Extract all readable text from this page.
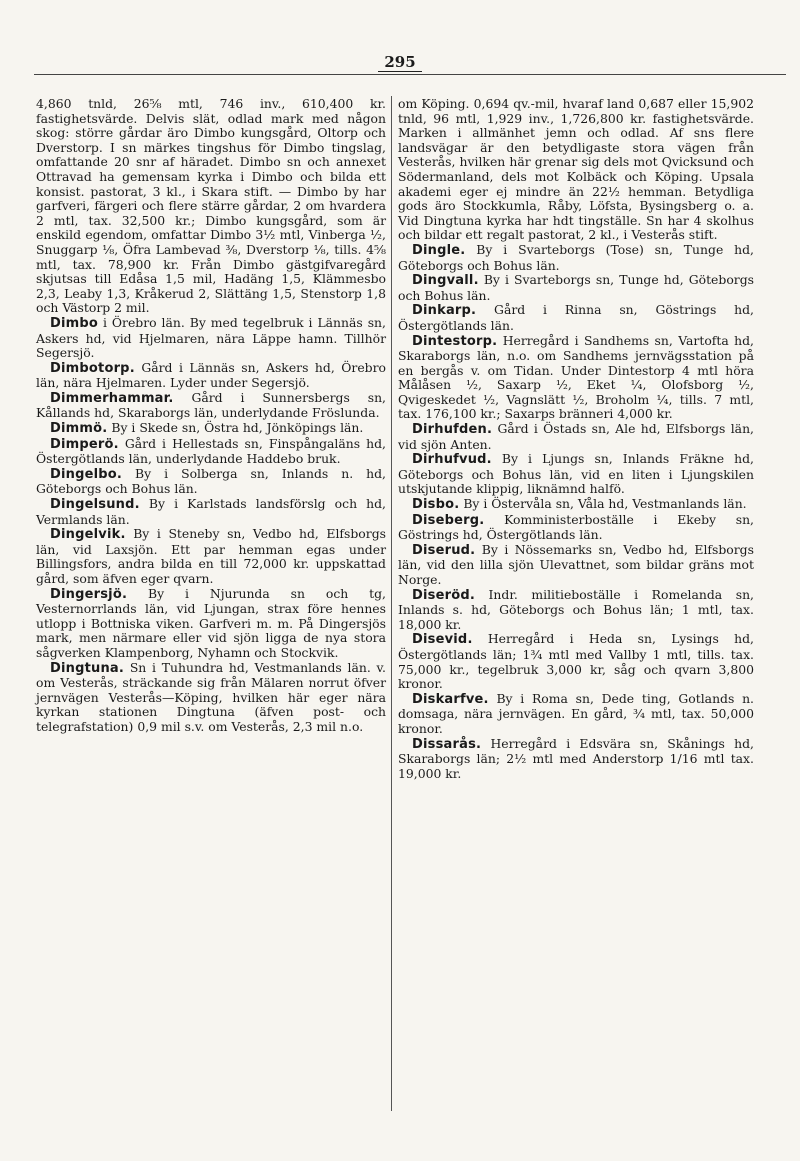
295
4,860 tnld, 26⅝ mtl, 746 inv., 610,400 kr. fastighetsvärde. Delvis slät, odlad mark med någon skog: större gårdar äro Dimbo kungsgård, Oltorp och Dverstorp. I sn märkes tingshus för Dimbo tingslag, omfattande 20 snr af häradet. Dimbo sn och annexet Ottravad ha gemensam kyrka i Dimbo och bilda ett konsist. pastorat, 3 kl., i Skara stift. — Dimbo by har garfveri, färgeri och flere stärre gårdar, 2 om hvardera 2 mtl, tax. 32,500 kr.; Dimbo kungsgård, som är enskild egendom, omfattar Dimbo 3½ mtl, Vinberga ½, Snuggarp ⅛, Öfra Lambevad ⅜, Dverstorp ⅛, tills. 4⅝ mtl, tax. 78,900 kr. Från Dimbo gästgifvaregård skjutsas till Edåsa 1,5 mil, Hadäng 1,5, Klämmesbo 2,3, Leaby 1,3, Kråkerud 2, Slättäng 1,5, Stenstorp 1,8 och Västorp 2 mil.
Dimbo i Örebro län. By med tegelbruk i Lännäs sn, Askers hd, vid Hjelmaren, nära Läppe hamn. Tillhör Segersjö.
Dimbotorp. Gård i Lännäs sn, Askers hd, Örebro län, nära Hjelmaren. Lyder under Segersjö.
Dimmerhammar. Gård i Sunnersbergs sn, Kållands hd, Skaraborgs län, underlydande Fröslunda.
Dimmö. By i Skede sn, Östra hd, Jönköpings län.
Dimperö. Gård i Hellestads sn, Finspångaläns hd, Östergötlands län, underlydande Haddebo bruk.
Dingelbo. By i Solberga sn, Inlands n. hd, Göteborgs och Bohus län.
Dingelsund. By i Karlstads landsförslg och hd, Vermlands län.
Dingelvik. By i Steneby sn, Vedbo hd, Elfsborgs län, vid Laxsjön. Ett par hemman egas under Billingsfors, andra bilda en till 72,000 kr. uppskattad gård, som äfven eger qvarn.
Dingersjö. By i Njurunda sn och tg, Vesternorrlands län, vid Ljungan, strax före hennes utlopp i Bottniska viken. Garfveri m. m. På Dingersjös mark, men närmare eller vid sjön ligga de nya stora sågverken Klampenborg, Nyhamn och Stockvik.
Dingtuna. Sn i Tuhundra hd, Vestmanlands län. v. om Vesterås, sträckande sig från Mälaren norrut öfver jernvägen Vesterås—Köping, hvilken här eger nära kyrkan stationen Dingtuna (äfven post- och telegrafstation) 0,9 mil s.v. om Vesterås, 2,3 mil n.o.
om Köping. 0,694 qv.-mil, hvaraf land 0,687 eller 15,902 tnld, 96 mtl, 1,929 inv., 1,726,800 kr. fastighetsvärde. Marken i allmänhet jemn och odlad. Af sns flere landsvägar är den betydligaste stora vägen från Vesterås, hvilken här grenar sig dels mot Qvicksund och Södermanland, dels mot Kolbäck och Köping. Upsala akademi eger ej mindre än 22½ hemman. Betydliga gods äro Stockkumla, Råby, Löfsta, Bysingsberg o. a. Vid Dingtuna kyrka har hdt tingställe. Sn har 4 skolhus och bildar ett regalt pastorat, 2 kl., i Vesterås stift.
Dingle. By i Svarteborgs (Tose) sn, Tunge hd, Göteborgs och Bohus län.
Dingvall. By i Svarteborgs sn, Tunge hd, Göteborgs och Bohus län.
Dinkarp. Gård i Rinna sn, Göstrings hd, Östergötlands län.
Dintestorp. Herregård i Sandhems sn, Vartofta hd, Skaraborgs län, n.o. om Sandhems jernvägsstation på en bergås v. om Tidan. Under Dintestorp 4 mtl höra Målåsen ½, Saxarp ½, Eket ¼, Olofsborg ½, Qvigeskedet ½, Vagnslätt ½, Broholm ¼, tills. 7 mtl, tax. 176,100 kr.; Saxarps bränneri 4,000 kr.
Dirhufden. Gård i Östads sn, Ale hd, Elfsborgs län, vid sjön Anten.
Dirhufvud. By i Ljungs sn, Inlands Fräkne hd, Göteborgs och Bohus län, vid en liten i Ljungskilen utskjutande klippig, liknämnd halfö.
Disbo. By i Östervåla sn, Våla hd, Vestmanlands län.
Diseberg. Komministerboställe i Ekeby sn, Göstrings hd, Östergötlands län.
Diserud. By i Nössemarks sn, Vedbo hd, Elfsborgs län, vid den lilla sjön Ulevattnet, som bildar gräns mot Norge.
Diseröd. Indr. militieboställe i Romelanda sn, Inlands s. hd, Göteborgs och Bohus län; 1 mtl, tax. 18,000 kr.
Disevid. Herregård i Heda sn, Lysings hd, Östergötlands län; 1¾ mtl med Vallby 1 mtl, tills. tax. 75,000 kr., tegelbruk 3,000 kr, såg och qvarn 3,800 kronor.
Diskarfve. By i Roma sn, Dede ting, Gotlands n. domsaga, nära jernvägen. En gård, ¾ mtl, tax. 50,000 kronor.
Dissarås. Herregård i Edsvära sn, Skånings hd, Skaraborgs län; 2½ mtl med Anderstorp 1/16 mtl tax. 19,000 kr.
